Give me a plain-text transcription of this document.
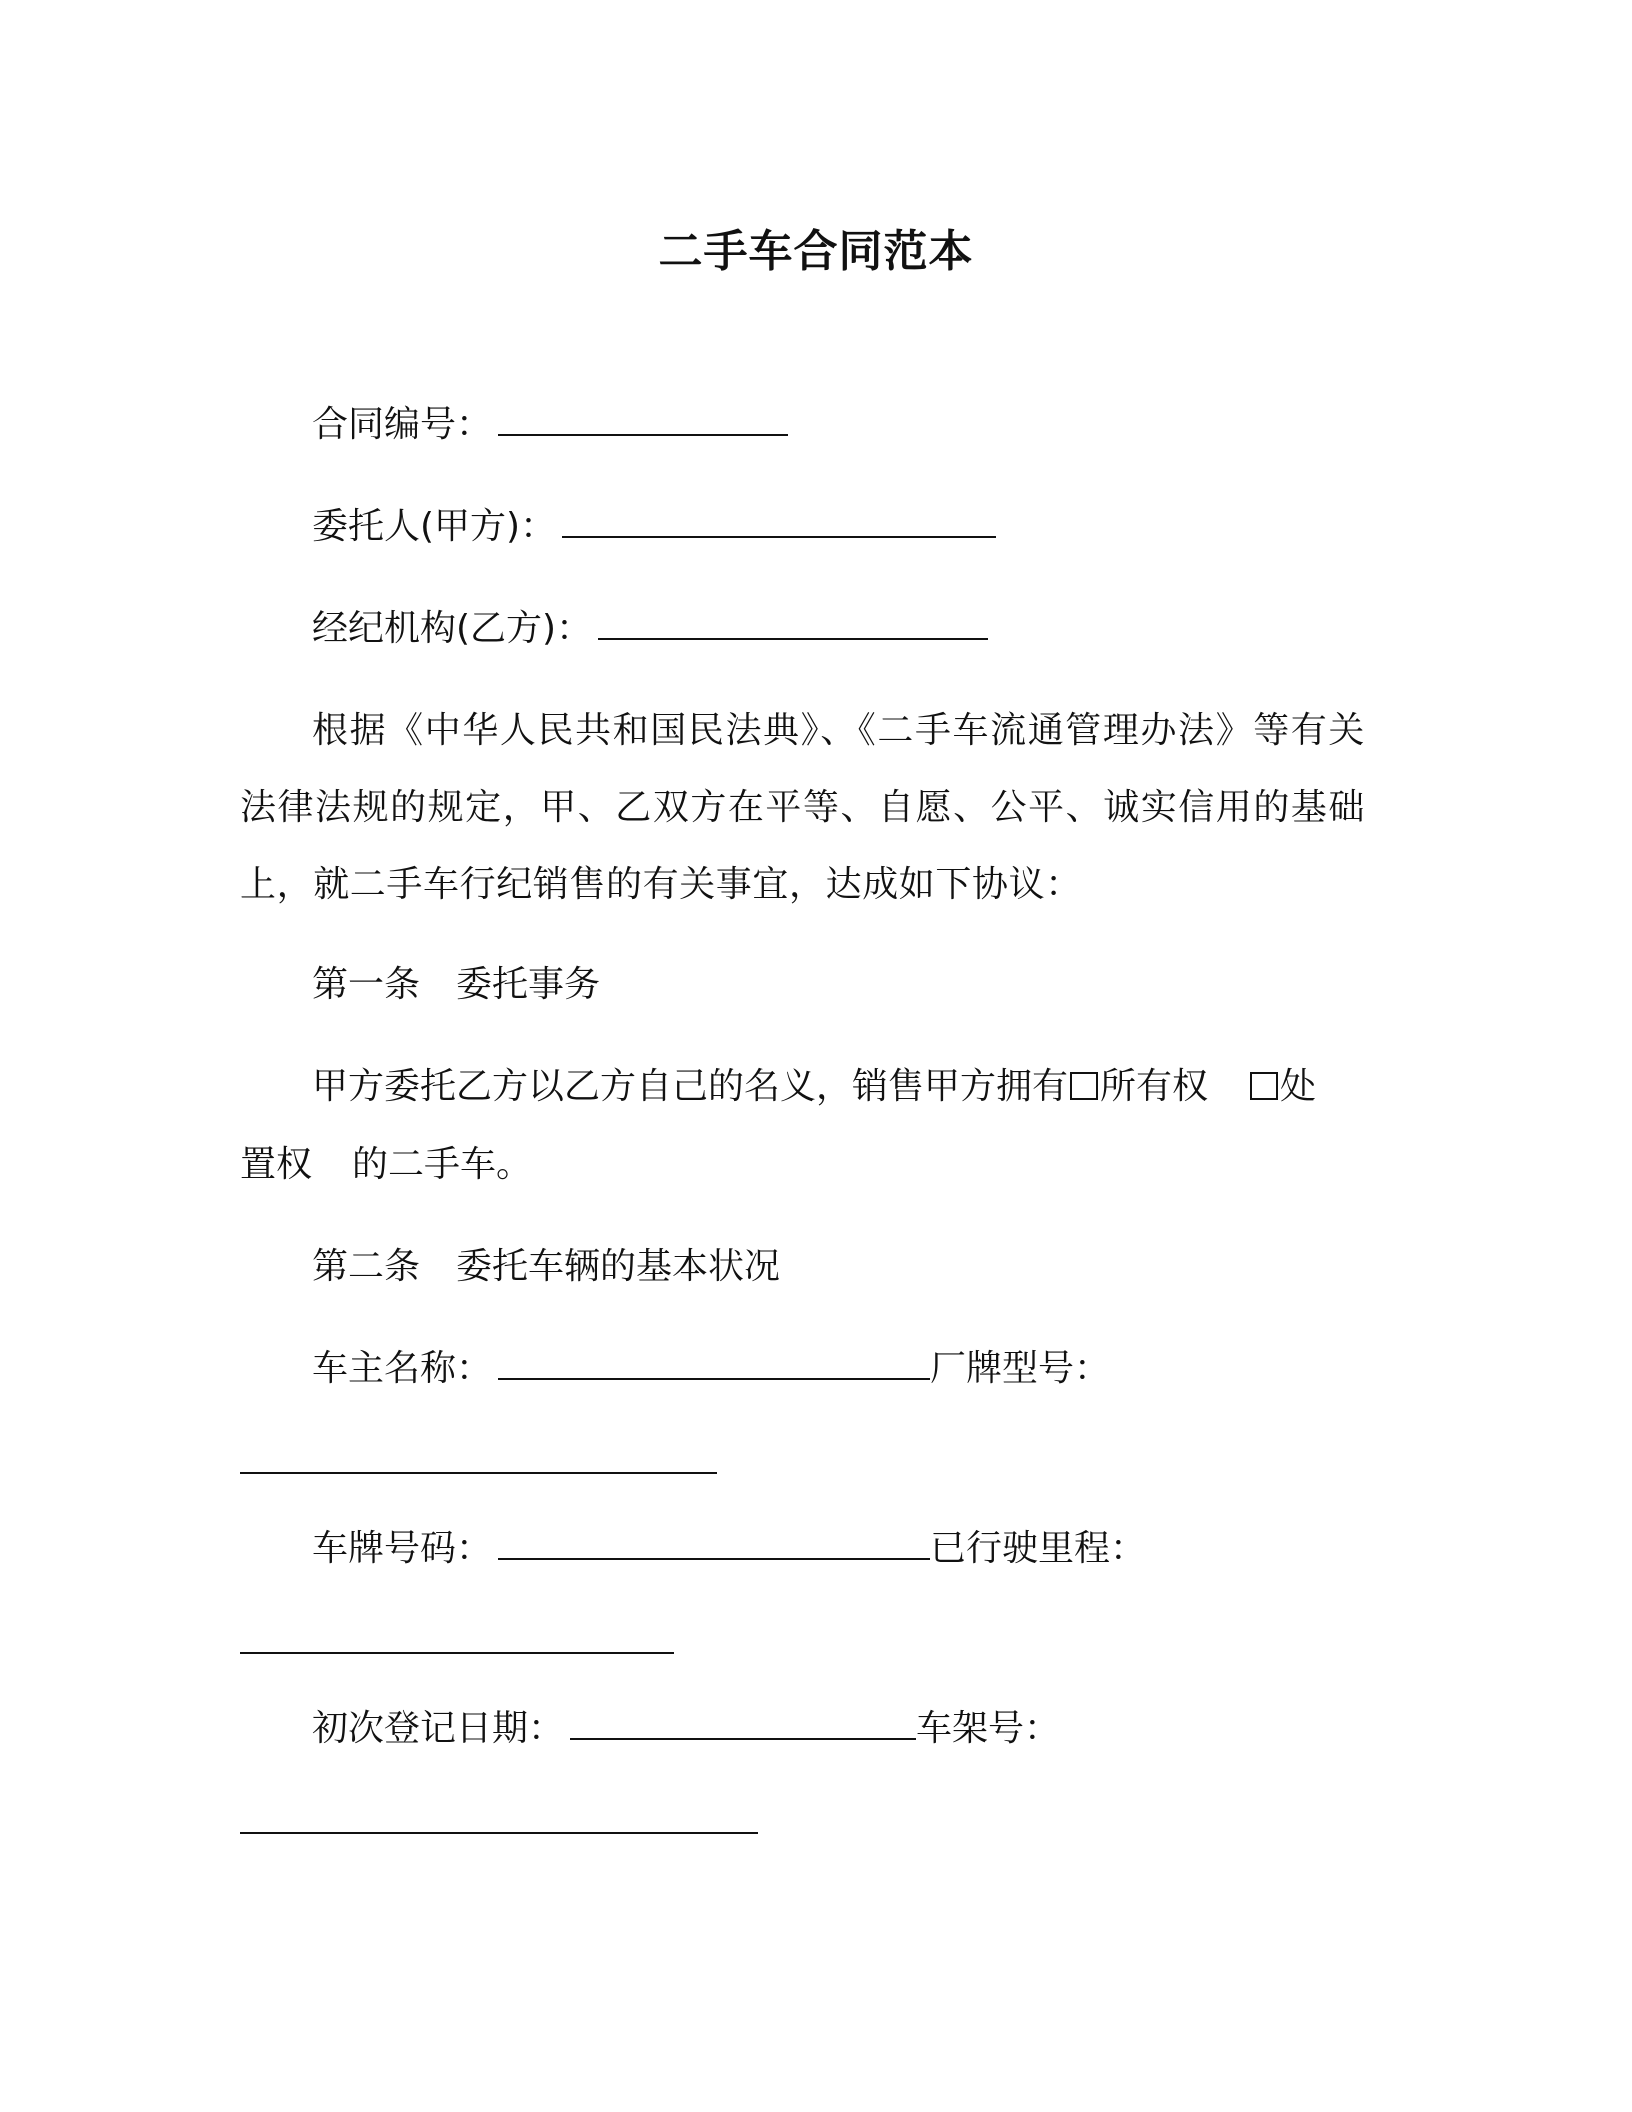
二手车合同范本
合同编号：
委托人(甲方)：
经纪机构(乙方)：
根据《中华人民共和国民法典》、《二手车流通管理办法》等有关法律法规的规定，甲、乙双方在平等、自愿、公平、诚实信用的基础上，就二手车行纪销售的有关事宜，达成如下协议：
第一条　委托事务
甲方委托乙方以乙方自己的名义，销售甲方拥有 所有权 处
置权 的二手车。
第二条　委托车辆的基本状况
车主名称：	厂牌型号：
车牌号码：	已行驶里程：
初次登记日期：	车架号：
